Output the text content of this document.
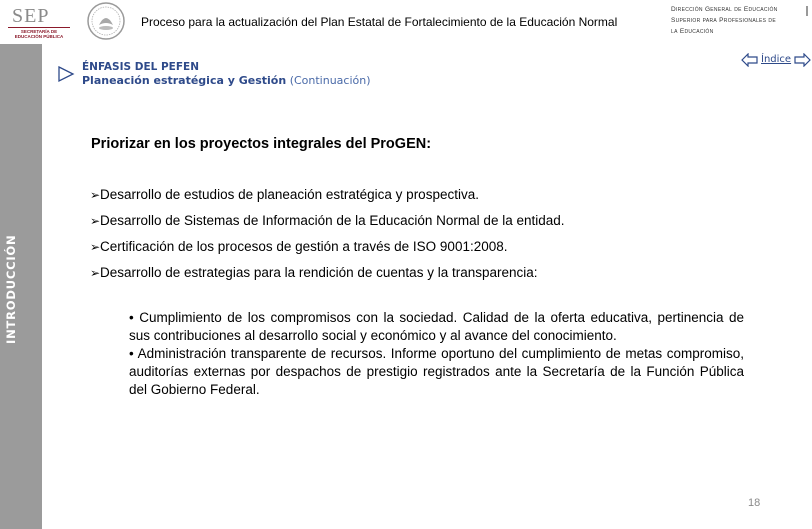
SEP
SECRETARÍA DE EDUCACIÓN PÚBLICA
Proceso para la actualización del Plan Estatal de Fortalecimiento de la Educación Normal
Dirección General de Educación
Superior para Profesionales de
la Educación
INTRODUCCIÓN
ÉNFASIS DEL PEFEN
Planeación estratégica y Gestión (Continuación)
Índice
Priorizar en los proyectos integrales del ProGEN:
➢Desarrollo de estudios de planeación estratégica y prospectiva.
➢Desarrollo de Sistemas de Información de la Educación Normal de la entidad.
➢Certificación de los procesos de gestión a través de ISO 9001:2008.
➢Desarrollo de estrategias para la rendición de cuentas y la transparencia:
• Cumplimiento de los compromisos con la sociedad. Calidad de la oferta educativa, pertinencia de sus contribuciones al desarrollo social y económico y al avance del conocimiento.
• Administración transparente de recursos. Informe oportuno del cumplimiento de metas compromiso, auditorías externas por despachos de prestigio registrados ante la Secretaría de la Función Pública del Gobierno Federal.
18
